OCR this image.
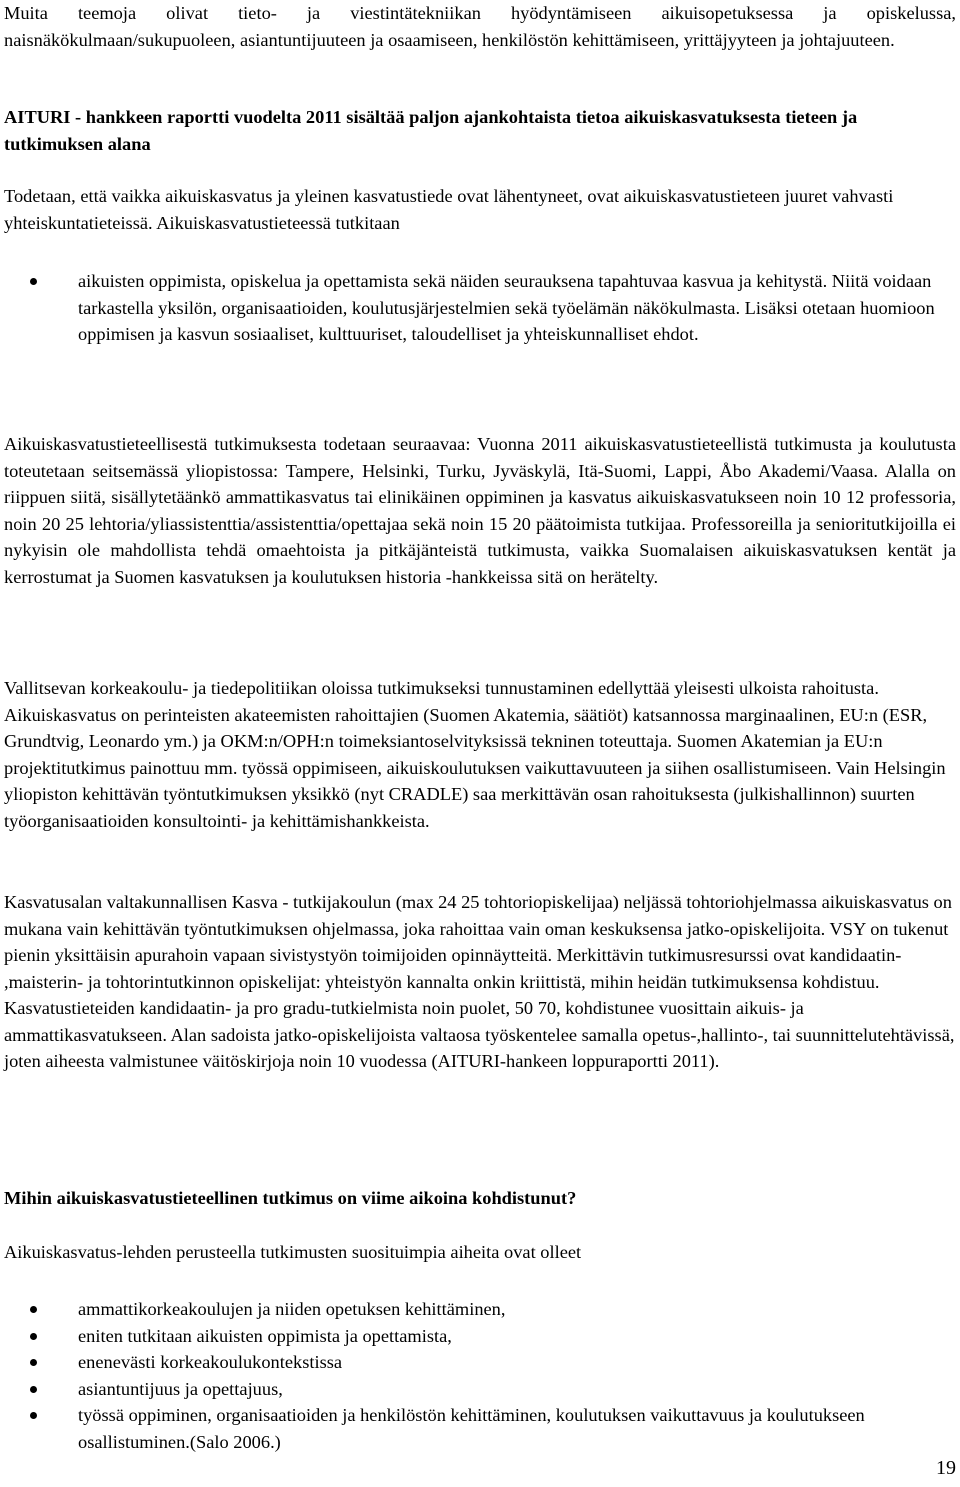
Muita teemoja olivat tieto- ja viestintätekniikan hyödyntämiseen aikuisopetuksessa ja opiskelussa, naisnäkökulmaan/sukupuoleen, asiantuntijuuteen ja osaamiseen, henkilöstön kehittämiseen, yrittäjyyteen ja johtajuuteen.

AITURI - hankkeen raportti vuodelta 2011 sisältää paljon ajankohtaista tietoa aikuiskasvatuksesta tieteen ja tutkimuksen alana

Todetaan, että vaikka aikuiskasvatus ja yleinen kasvatustiede ovat lähentyneet, ovat aikuiskasvatustieteen juuret vahvasti yhteiskuntatieteissä. Aikuiskasvatustieteessä tutkitaan

aikuisten oppimista, opiskelua ja opettamista sekä näiden seurauksena tapahtuvaa kasvua ja kehitystä. Niitä voidaan tarkastella yksilön, organisaatioiden, koulutusjärjestelmien sekä työelämän näkökulmasta. Lisäksi otetaan huomioon oppimisen ja kasvun sosiaaliset, kulttuuriset, taloudelliset ja yhteiskunnalliset ehdot.

Aikuiskasvatustieteellisestä tutkimuksesta todetaan seuraavaa: Vuonna 2011 aikuiskasvatustieteellistä tutkimusta ja koulutusta toteutetaan seitsemässä yliopistossa: Tampere, Helsinki, Turku, Jyväskylä, Itä-Suomi, Lappi, Åbo Akademi/Vaasa. Alalla on riippuen siitä, sisällytetäänkö ammattikasvatus tai elinikäinen oppiminen ja kasvatus aikuiskasvatukseen noin 10 12 professoria, noin 20 25 lehtoria/yliassistenttia/assistenttia/opettajaa sekä noin 15 20 päätoimista tutkijaa. Professoreilla ja senioritutkijoilla ei nykyisin ole mahdollista tehdä omaehtoista ja pitkäjänteistä tutkimusta, vaikka Suomalaisen aikuiskasvatuksen kentät ja kerrostumat ja Suomen kasvatuksen ja koulutuksen historia -hankkeissa sitä on herätelty.

Vallitsevan korkeakoulu- ja tiedepolitiikan oloissa tutkimukseksi tunnustaminen edellyttää yleisesti ulkoista rahoitusta. Aikuiskasvatus on perinteisten akateemisten rahoittajien (Suomen Akatemia, säätiöt) katsannossa marginaalinen, EU:n (ESR, Grundtvig, Leonardo ym.) ja OKM:n/OPH:n toimeksiantoselvityksissä tekninen toteuttaja. Suomen Akatemian ja EU:n projektitutkimus painottuu mm. työssä oppimiseen, aikuiskoulutuksen vaikuttavuuteen ja siihen osallistumiseen. Vain Helsingin yliopiston kehittävän työntutkimuksen yksikkö (nyt CRADLE) saa merkittävän osan rahoituksesta (julkishallinnon) suurten työorganisaatioiden konsultointi- ja kehittämishankkeista.

Kasvatusalan valtakunnallisen Kasva - tutkijakoulun (max 24 25 tohtoriopiskelijaa) neljässä tohtoriohjelmassa aikuiskasvatus on mukana vain kehittävän työntutkimuksen ohjelmassa, joka rahoittaa vain oman keskuksensa jatko-opiskelijoita. VSY on tukenut pienin yksittäisin apurahoin vapaan sivistystyön toimijoiden opinnäytteitä. Merkittävin tutkimusresurssi ovat kandidaatin- ,maisterin- ja tohtorintutkinnon opiskelijat: yhteistyön kannalta onkin kriittistä, mihin heidän tutkimuksensa kohdistuu. Kasvatustieteiden kandidaatin- ja pro gradu-tutkielmista noin puolet, 50 70, kohdistunee vuosittain aikuis- ja ammattikasvatukseen. Alan sadoista jatko-opiskelijoista valtaosa työskentelee samalla opetus-,hallinto-, tai suunnittelutehtävissä, joten aiheesta valmistunee väitöskirjoja noin 10 vuodessa (AITURI-hankeen loppuraportti 2011).

Mihin aikuiskasvatustieteellinen tutkimus on viime aikoina kohdistunut?

Aikuiskasvatus-lehden perusteella tutkimusten suosituimpia aiheita ovat olleet

ammattikorkeakoulujen ja niiden opetuksen kehittäminen,
eniten tutkitaan aikuisten oppimista ja opettamista,
enenevästi korkeakoulukontekstissa
asiantuntijuus ja opettajuus,
työssä oppiminen, organisaatioiden ja henkilöstön kehittäminen, koulutuksen vaikuttavuus ja koulutukseen osallistuminen.(Salo 2006.)
19
